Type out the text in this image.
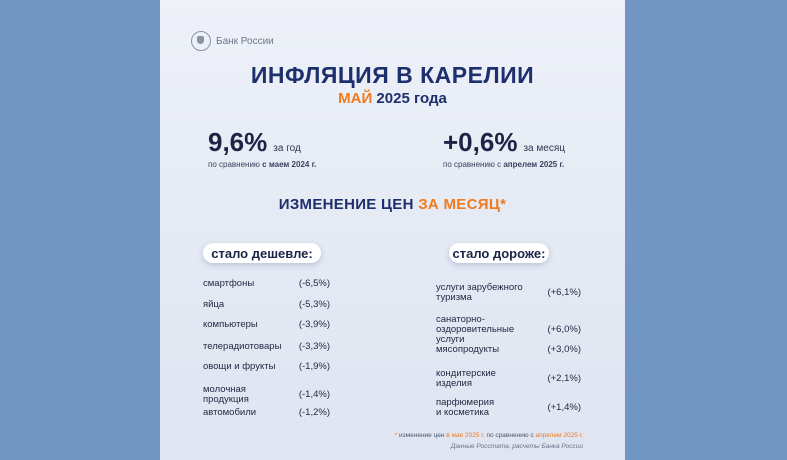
Банк России
ИНФЛЯЦИЯ В КАРЕЛИИ
МАЙ 2025 года
9,6% за год
по сравнению с маем 2024 г.
+0,6% за месяц
по сравнению с апрелем 2025 г.
ИЗМЕНЕНИЕ ЦЕН ЗА МЕСЯЦ*
стало дешевле:	стало дороже:
смартфоны	(-6,5%)
яйца	(-5,3%)
компьютеры	(-3,9%)
телерадиотовары (-3,3%)
овощи и фрукты (-1,9%)
молочная
продукция	(-1,4%)
автомобили	(-1,2%)
услуги зарубежного
туризма	(+6,1%)
санаторно-
оздоровительные
услуги
(+6,0%)
мясопродукты	(+3,0%)
кондитерские
изделия	(+2,1%)
парфюмерия
и косметика	(+1,4%)
* изменение цен в мае 2025 г. по сравнению с апрелем 2025 г.
Данные Росстата, расчеты Банка России
